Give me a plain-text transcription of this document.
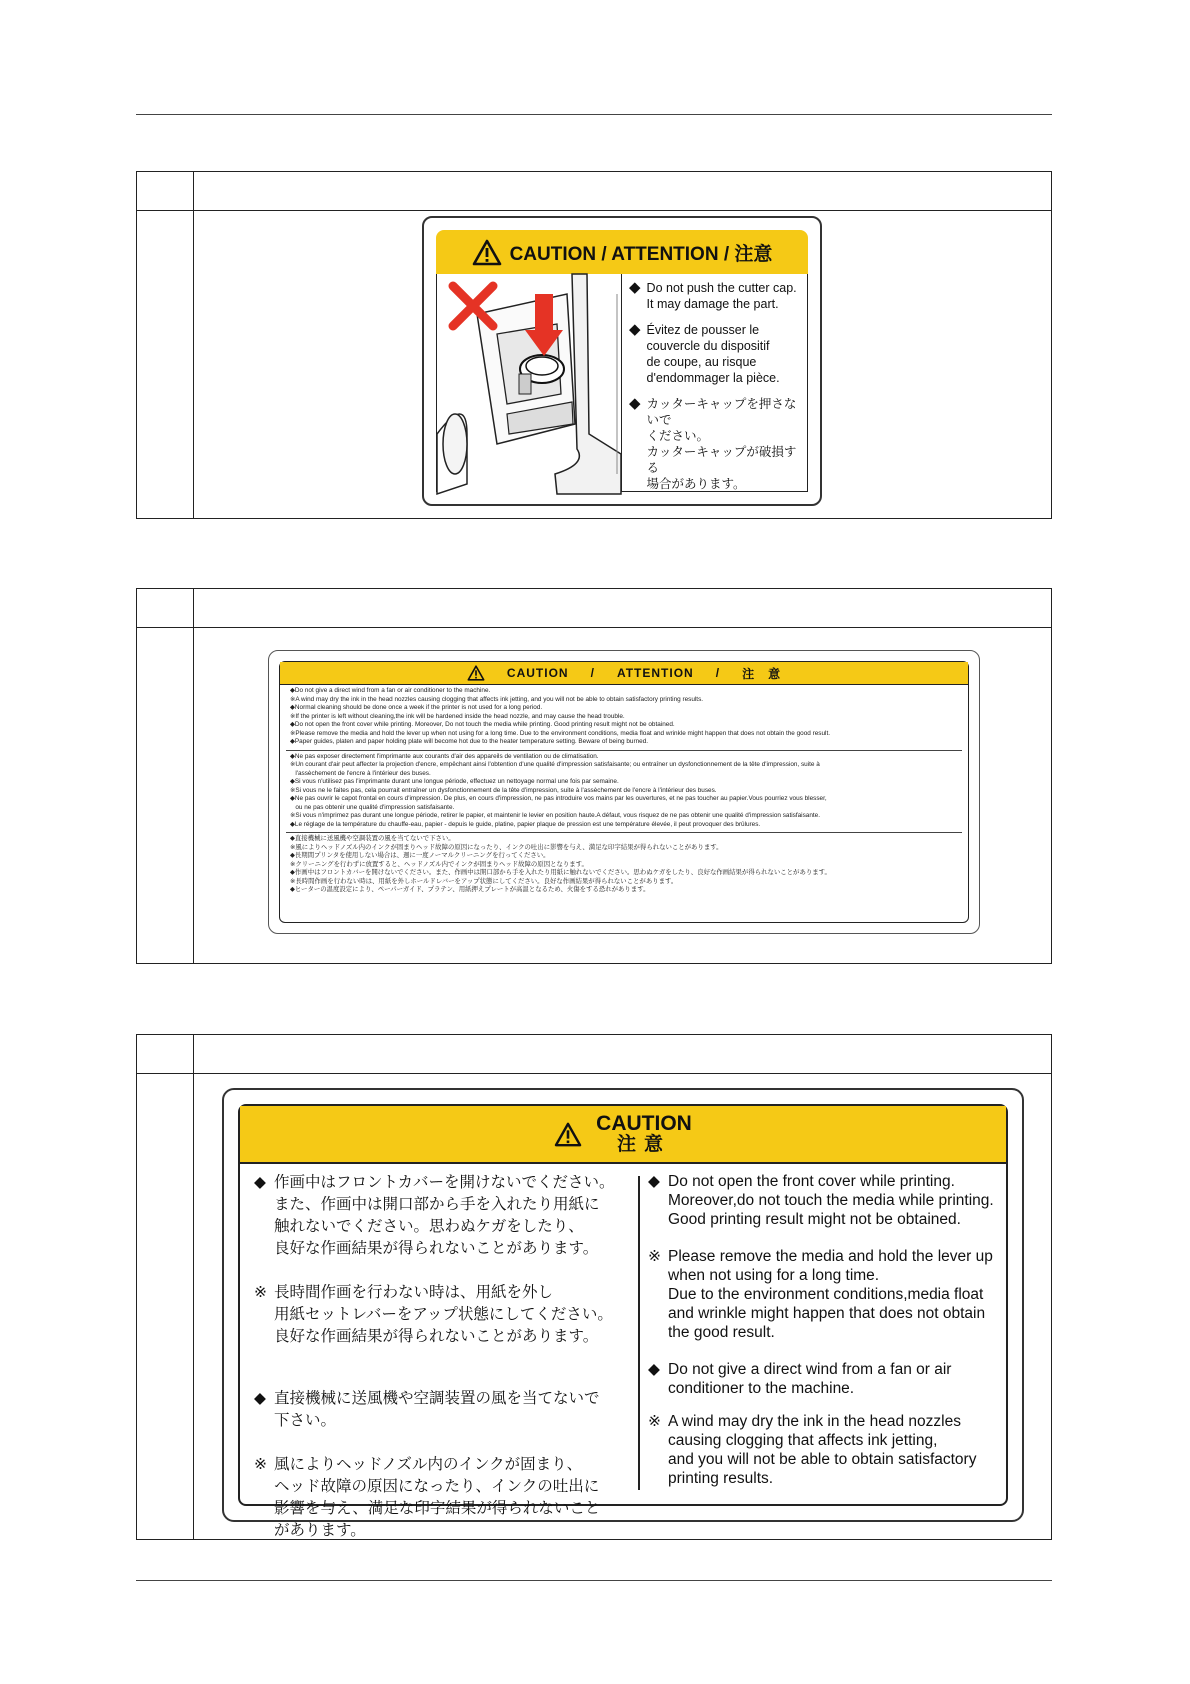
CAUTION / ATTENTION / 注意
◆ Do not push the cutter cap.
It may damage the part.
◆ Évitez de pousser le
couvercle du dispositif
de coupe, au risque
d'endommager la pièce.
◆ カッターキャップを押さないで
ください。
カッターキャップが破損する
場合があります。
CAUTION / ATTENTION / 注　意
◆Do not give a direct wind from a fan or air conditioner to the machine.
※A wind may dry the ink in the head nozzles causing clogging that affects ink jetting, and you will not be able to obtain satisfactory printing results.
◆Normal cleaning should be done once a week if the printer is not used for a long period.
※If the printer is left without cleaning,the ink will be hardened inside the head nozzle, and may cause the head trouble.
◆Do not open the front cover while printing. Moreover, Do not touch the media while printing. Good printing result might not be obtained.
※Please remove the media and hold the lever up when not using for a long time. Due to the environment conditions, media float and wrinkle might happen that does not obtain the good result.
◆Paper guides, platen and paper holding plate will become hot due to the heater temperature setting. Beware of being burned.
◆Ne pas exposer directement l'imprimante aux courants d'air des appareils de ventilation ou de climatisation.
※Un courant d'air peut affecter la projection d'encre, empêchant ainsi l'obtention d'une qualité d'impression satisfaisante; ou entraîner un dysfonctionnement de la tête d'impression, suite à
l'assèchement de l'encre à l'intérieur des buses.
◆Si vous n'utilisez pas l'imprimante durant une longue période, effectuez un nettoyage normal une fois par semaine.
※Si vous ne le faites pas, cela pourrait entraîner un dysfonctionnement de la tête d'impression, suite à l'assèchement de l'encre à l'intérieur des buses.
◆Ne pas ouvrir le capot frontal en cours d'impression. De plus, en cours d'impression, ne pas introduire vos mains par les ouvertures, et ne pas toucher au papier.Vous pourriez vous blesser,
ou ne pas obtenir une qualité d'impression satisfaisante.
※Si vous n'imprimez pas durant une longue période, retirer le papier, et maintenir le levier en position haute.A défaut, vous risquez de ne pas obtenir une qualité d'impression satisfaisante.
◆Le réglage de la température du chauffe-eau, papier - depuis le guide, platine, papier plaque de pression est une température élevée, il peut provoquer des brûlures.
◆直接機械に送風機や空調装置の風を当てないで下さい。
※風によりヘッドノズル内のインクが固まりヘッド故障の原因になったり、インクの吐出に影響を与え、満足な印字結果が得られないことがあります。
◆長期間プリンタを使用しない場合は、週に一度ノーマルクリーニングを行ってください。
※クリーニングを行わずに放置すると、ヘッドノズル内でインクが固まりヘッド故障の原因となります。
◆作画中はフロントカバーを開けないでください。また、作画中は開口部から手を入れたり用紙に触れないでください。思わぬケガをしたり、良好な作画結果が得られないことがあります。
※長時間作画を行わない時は、用紙を外しホールドレバーをアップ状態にしてください。良好な作画結果が得られないことがあります。
◆ヒーターの温度設定により、ペーパーガイド、プラテン、用紙押えプレートが高温となるため、火傷をする恐れがあります。
CAUTION
注意
◆ 作画中はフロントカバーを開けないでください。
また、作画中は開口部から手を入れたり用紙に
触れないでください。思わぬケガをしたり、
良好な作画結果が得られないことがあります。
※ 長時間作画を行わない時は、用紙を外し
用紙セットレバーをアップ状態にしてください。
良好な作画結果が得られないことがあります。
◆ 直接機械に送風機や空調装置の風を当てないで
下さい。
※ 風によりヘッドノズル内のインクが固まり、
ヘッド故障の原因になったり、インクの吐出に
影響を与え、満足な印字結果が得られないこと
があります。
◆ Do not open the front cover while printing.
Moreover,do not touch the media while printing.
Good printing result might not be obtained.
※ Please remove the media and hold the lever up
when not using for a long time.
Due to the environment conditions,media float
and wrinkle might happen that does not obtain
the good result.
◆ Do not give a direct wind from a fan or air
conditioner to the machine.
※ A wind may dry the ink in the head nozzles
causing clogging that affects ink jetting,
and you will not be able to obtain satisfactory
printing results.
